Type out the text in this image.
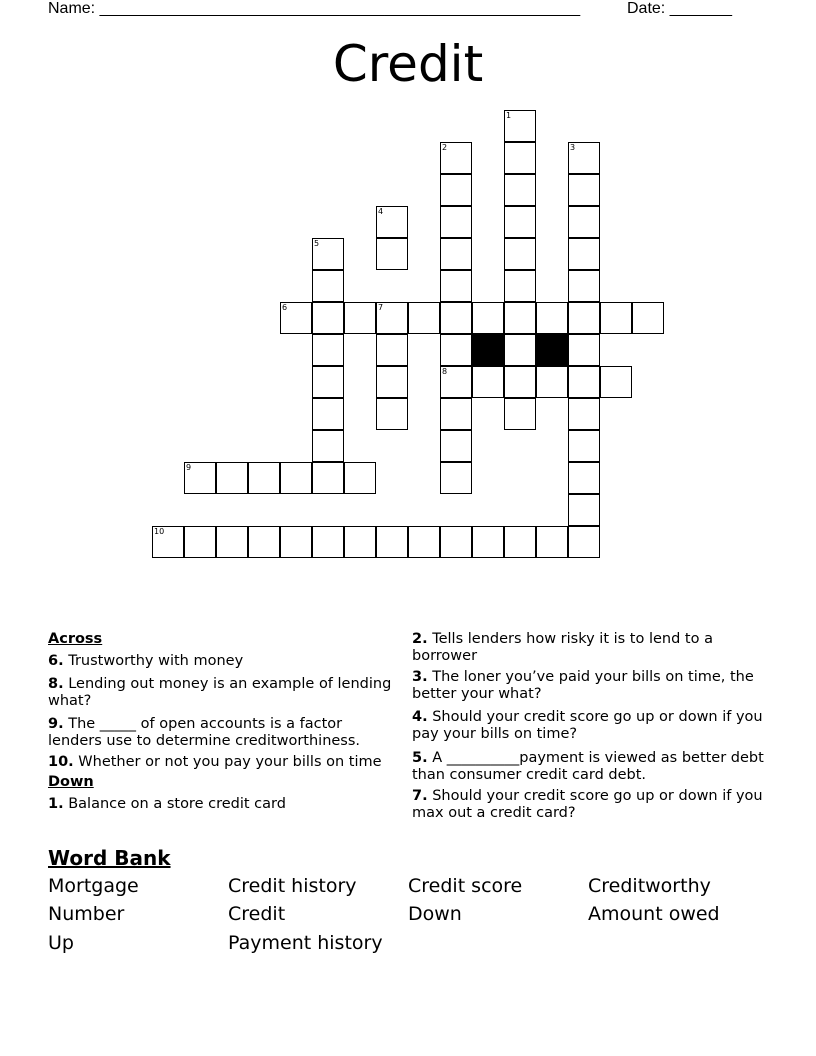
Name: ______________________________________________________	Date: _______
Credit
1
2	3
4
5
6	7
8
9
10
Across
6. Trustworthy with money
8. Lending out money is an example of lending what?
9. The _____ of open accounts is a factor lenders use to determine creditworthiness.
10. Whether or not you pay your bills on time
Down
1. Balance on a store credit card
2. Tells lenders how risky it is to lend to a borrower
3. The loner you’ve paid your bills on time, the better your what?
4. Should your credit score go up or down if you pay your bills on time?
5. A __________payment is viewed as better debt than consumer credit card debt.
7. Should your credit score go up or down if you max out a credit card?
Word Bank
Mortgage	Credit history	Credit score	Creditworthy
Number	Credit	Down	Amount owed
Up	Payment history
